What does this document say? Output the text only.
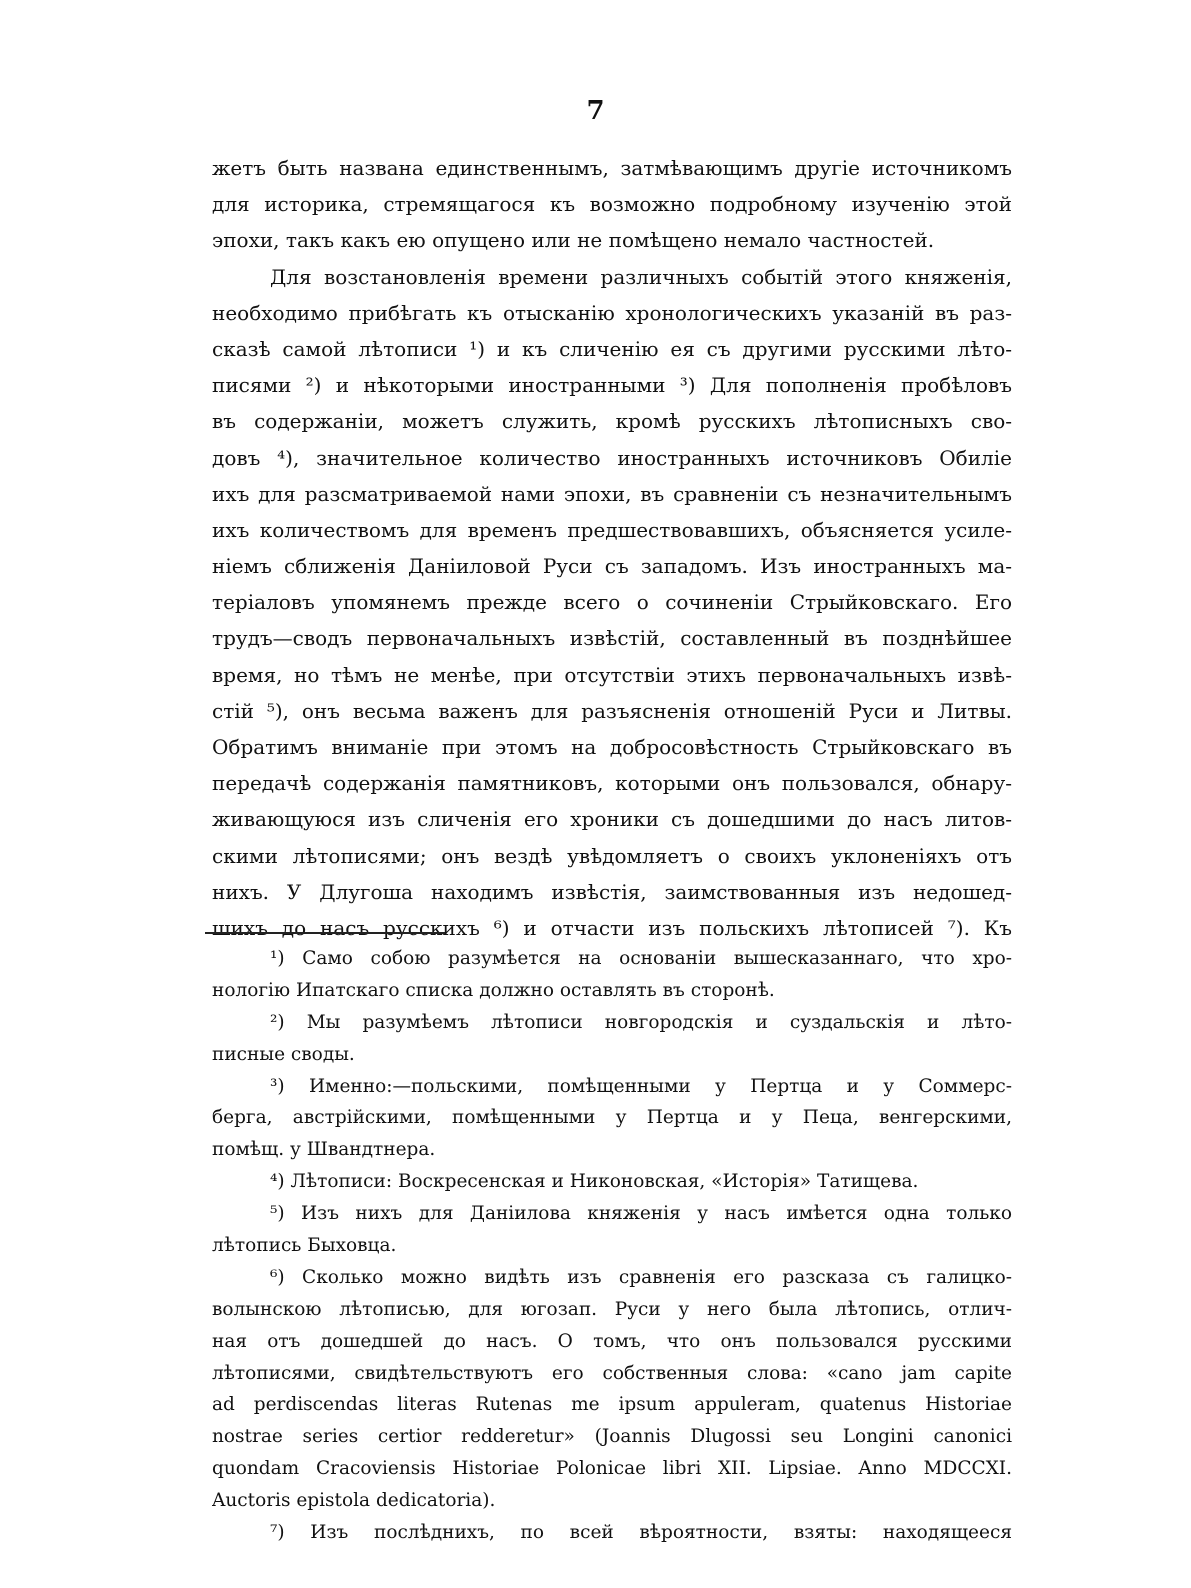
7
жетъ быть названа единственнымъ, затмѣвающимъ другіе источникомъ
для историка, стремящагося къ возможно подробному изученію этой
эпохи, такъ какъ ею опущено или не помѣщено немало частностей.
Для возстановленія времени различныхъ событій этого княженія,
необходимо прибѣгать къ отысканію хронологическихъ указаній въ раз-
сказѣ самой лѣтописи ¹) и къ сличенію ея съ другими русскими лѣто-
писями ²) и нѣкоторыми иностранными ³) Для пополненія пробѣловъ
въ содержаніи, можетъ служить, кромѣ русскихъ лѣтописныхъ сво-
довъ ⁴), значительное количество иностранныхъ источниковъ Обиліе
ихъ для разсматриваемой нами эпохи, въ сравненіи съ незначительнымъ
ихъ количествомъ для временъ предшествовавшихъ, объясняется усиле-
ніемъ сближенія Даніиловой Руси съ западомъ. Изъ иностранныхъ ма-
теріаловъ упомянемъ прежде всего о сочиненіи Стрыйковскаго. Его
трудъ—сводъ первоначальныхъ извѣстій, составленный въ позднѣйшее
время, но тѣмъ не менѣе, при отсутствіи этихъ первоначальныхъ извѣ-
стій ⁵), онъ весьма важенъ для разъясненія отношеній Руси и Литвы.
Обратимъ вниманіе при этомъ на добросовѣстность Стрыйковскаго въ
передачѣ содержанія памятниковъ, которыми онъ пользовался, обнару-
живающуюся изъ сличенія его хроники съ дошедшими до насъ литов-
скими лѣтописями; онъ вездѣ увѣдомляетъ о своихъ уклоненіяхъ отъ
нихъ. У Длугоша находимъ извѣстія, заимствованныя изъ недошед-
шихъ до насъ русскихъ ⁶) и отчасти изъ польскихъ лѣтописей ⁷). Къ
¹) Само собою разумѣется на основаніи вышесказаннаго, что хро-
нологію Ипатскаго списка должно оставлять въ сторонѣ.
²) Мы разумѣемъ лѣтописи новгородскія и суздальскія и лѣто-
писные своды.
³) Именно:—польскими, помѣщенными у Пертца и у Соммерс-
берга, австрійскими, помѣщенными у Пертца и у Пеца, венгерскими,
помѣщ. у Швандтнера.
⁴) Лѣтописи: Воскресенская и Никоновская, «Исторія» Татищева.
⁵) Изъ нихъ для Даніилова княженія у насъ имѣется одна только
лѣтопись Быховца.
⁶) Сколько можно видѣть изъ сравненія его разсказа съ галицко-
волынскою лѣтописью, для югозап. Руси у него была лѣтопись, отлич-
ная отъ дошедшей до насъ. О томъ, что онъ пользовался русскими
лѣтописями, свидѣтельствуютъ его собственныя слова: «cano jam capite
ad perdiscendas literas Rutenas me ipsum appuleram, quatenus Historiae
nostrae series certior redderetur» (Joannis Dlugossi seu Longini canonici
quondam Cracoviensis Historiae Polonicae libri XII. Lipsiae. Anno MDCCXI.
Auctoris epistola dedicatoria).
⁷) Изъ послѣднихъ, по всей вѣроятности, взяты: находящееся
